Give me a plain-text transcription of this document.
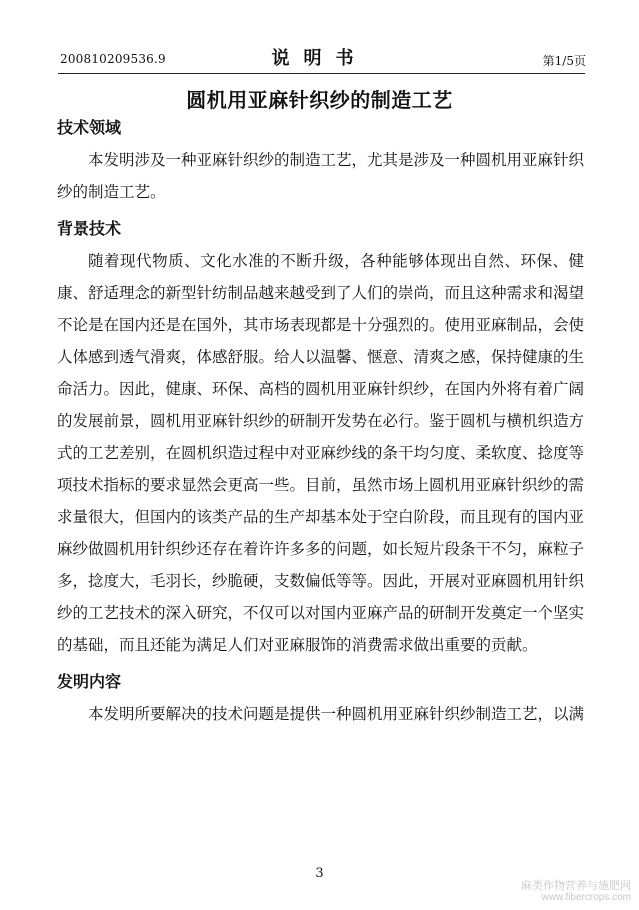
200810209536.9	说明书	第1/5页
圆机用亚麻针织纱的制造工艺
技术领域
本发明涉及一种亚麻针织纱的制造工艺，尤其是涉及一种圆机用亚麻针织纱的制造工艺。
背景技术
随着现代物质、文化水准的不断升级，各种能够体现出自然、环保、健康、舒适理念的新型针纺制品越来越受到了人们的崇尚，而且这种需求和渴望不论是在国内还是在国外，其市场表现都是十分强烈的。使用亚麻制品，会使人体感到透气滑爽，体感舒服。给人以温馨、惬意、清爽之感，保持健康的生命活力。因此，健康、环保、高档的圆机用亚麻针织纱，在国内外将有着广阔的发展前景，圆机用亚麻针织纱的研制开发势在必行。鉴于圆机与横机织造方式的工艺差别，在圆机织造过程中对亚麻纱线的条干均匀度、柔软度、捻度等项技术指标的要求显然会更高一些。目前，虽然市场上圆机用亚麻针织纱的需求量很大，但国内的该类产品的生产却基本处于空白阶段，而且现有的国内亚麻纱做圆机用针织纱还存在着许许多多的问题，如长短片段条干不匀，麻粒子多，捻度大，毛羽长，纱脆硬，支数偏低等等。因此，开展对亚麻圆机用针织纱的工艺技术的深入研究，不仅可以对国内亚麻产品的研制开发奠定一个坚实的基础，而且还能为满足人们对亚麻服饰的消费需求做出重要的贡献。
发明内容
本发明所要解决的技术问题是提供一种圆机用亚麻针织纱制造工艺，以满
3
麻类作物营养与施肥网
www.fibercrops.com
